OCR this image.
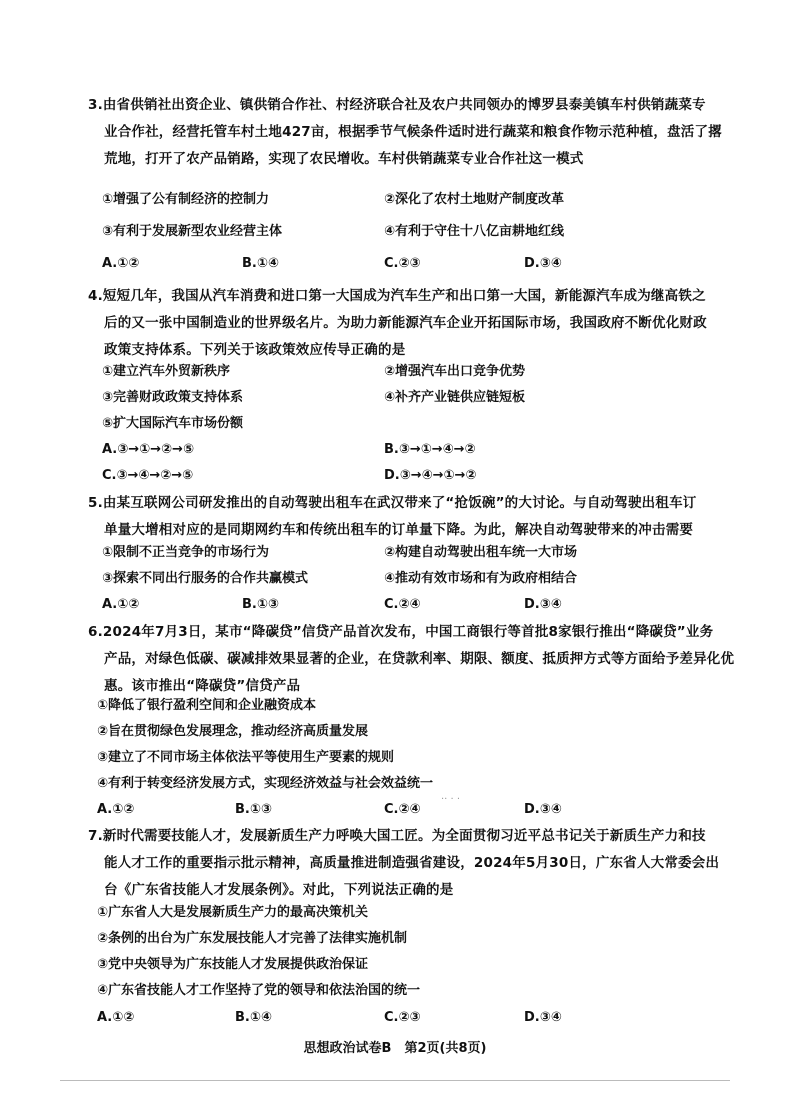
3.由省供销社出资企业、镇供销合作社、村经济联合社及农户共同领办的博罗县泰美镇车村供销蔬菜专
业合作社，经营托管车村土地427亩，根据季节气候条件适时进行蔬菜和粮食作物示范种植，盘活了撂
荒地，打开了农产品销路，实现了农民增收。车村供销蔬菜专业合作社这一模式
①增强了公有制经济的控制力	②深化了农村土地财产制度改革
③有利于发展新型农业经营主体	④有利于守住十八亿亩耕地红线
A.①②	B.①④	C.②③	D.③④
4.短短几年，我国从汽车消费和进口第一大国成为汽车生产和出口第一大国，新能源汽车成为继高铁之
后的又一张中国制造业的世界级名片。为助力新能源汽车企业开拓国际市场，我国政府不断优化财政
政策支持体系。下列关于该政策效应传导正确的是
①建立汽车外贸新秩序	②增强汽车出口竞争优势
③完善财政政策支持体系	④补齐产业链供应链短板
⑤扩大国际汽车市场份额
A.③→①→②→⑤	B.③→①→④→②
C.③→④→②→⑤	D.③→④→①→②
5.由某互联网公司研发推出的自动驾驶出租车在武汉带来了“抢饭碗”的大讨论。与自动驾驶出租车订
单量大增相对应的是同期网约车和传统出租车的订单量下降。为此，解决自动驾驶带来的冲击需要
①限制不正当竞争的市场行为	②构建自动驾驶出租车统一大市场
③探索不同出行服务的合作共赢模式	④推动有效市场和有为政府相结合
A.①②	B.①③	C.②④	D.③④
6.2024年7月3日，某市“降碳贷”信贷产品首次发布，中国工商银行等首批8家银行推出“降碳贷”业务
产品，对绿色低碳、碳减排效果显著的企业，在贷款利率、期限、额度、抵质押方式等方面给予差异化优
惠。该市推出“降碳贷”信贷产品
①降低了银行盈利空间和企业融资成本
②旨在贯彻绿色发展理念，推动经济高质量发展
③建立了不同市场主体依法平等使用生产要素的规则
④有利于转变经济发展方式，实现经济效益与社会效益统一
·· · ·
A.①②	B.①③	C.②④	D.③④
7.新时代需要技能人才，发展新质生产力呼唤大国工匠。为全面贯彻习近平总书记关于新质生产力和技
能人才工作的重要指示批示精神，高质量推进制造强省建设，2024年5月30日，广东省人大常委会出
台《广东省技能人才发展条例》。对此，下列说法正确的是
①广东省人大是发展新质生产力的最高决策机关
②条例的出台为广东发展技能人才完善了法律实施机制
③党中央领导为广东技能人才发展提供政治保证
④广东省技能人才工作坚持了党的领导和依法治国的统一
A.①②	B.①④	C.②③	D.③④
思想政治试卷B　第2页(共8页)
